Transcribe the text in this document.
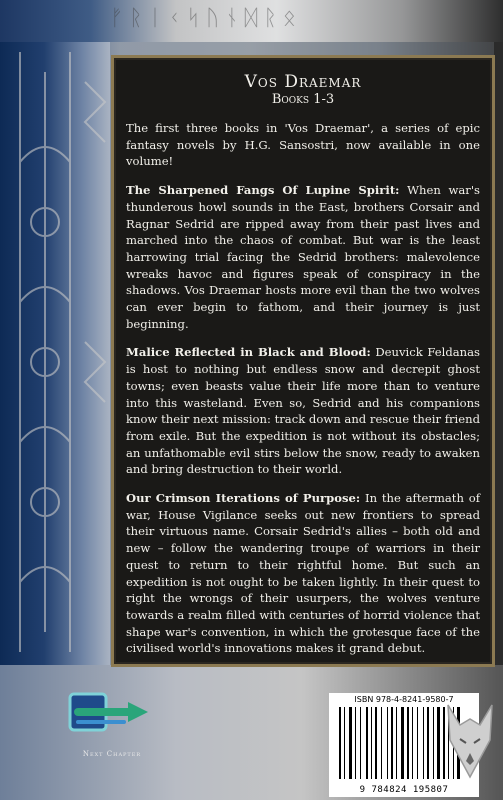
ᚠᚱᛁᚲᛋᚢᚾᛞᚱᛟ

Vos Draemar

Books 1-3

The first three books in 'Vos Draemar', a series of epic fantasy novels by H.G. Sansostri, now available in one volume!

The Sharpened Fangs Of Lupine Spirit: When war's thunderous howl sounds in the East, brothers Corsair and Ragnar Sedrid are ripped away from their past lives and marched into the chaos of combat. But war is the least harrowing trial facing the Sedrid brothers: malevolence wreaks havoc and figures speak of conspiracy in the shadows. Vos Draemar hosts more evil than the two wolves can ever begin to fathom, and their journey is just beginning.

Malice Reflected in Black and Blood: Deuvick Feldanas is host to nothing but endless snow and decrepit ghost towns; even beasts value their life more than to venture into this wasteland. Even so, Sedrid and his companions know their next mission: track down and rescue their friend from exile. But the expedition is not without its obstacles; an unfathomable evil stirs below the snow, ready to awaken and bring destruction to their world.

Our Crimson Iterations of Purpose: In the aftermath of war, House Vigilance seeks out new frontiers to spread their virtuous name. Corsair Sedrid's allies – both old and new – follow the wandering troupe of warriors in their quest to return to their rightful home. But such an expedition is not ought to be taken lightly. In their quest to right the wrongs of their usurpers, the wolves venture towards a realm filled with centuries of horrid violence that shape war's convention, in which the grotesque face of the civilised world's innovations makes it grand debut.

Next Chapter
ISBN 978-4-8241-9580-7
9 784824 195807
